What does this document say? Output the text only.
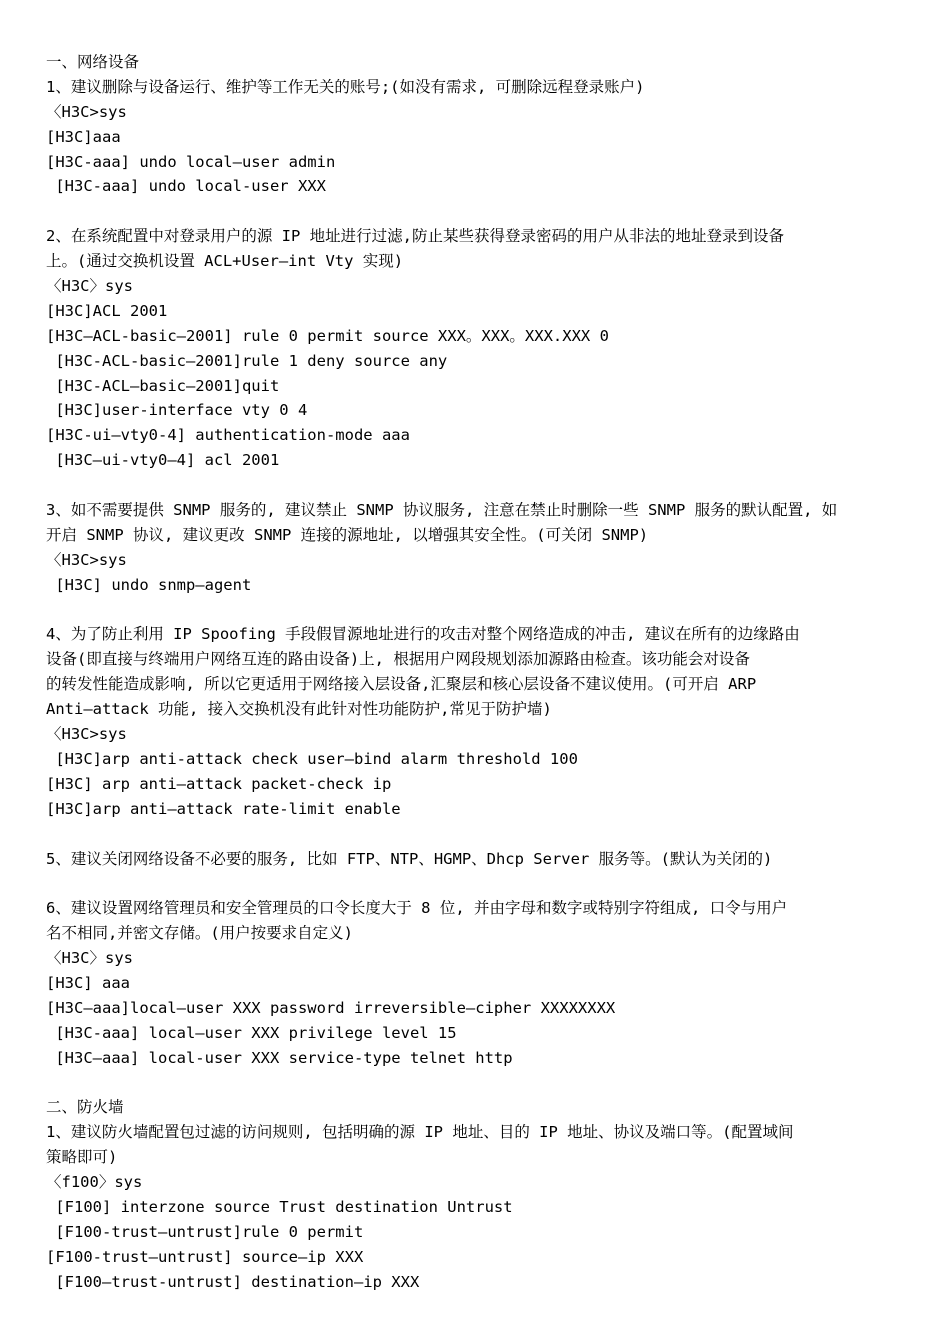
一、网络设备
1、建议删除与设备运行、维护等工作无关的账号;(如没有需求, 可删除远程登录账户)
〈H3C>sys
[H3C]aaa
[H3C-aaa] undo local—user admin
[H3C-aaa] undo local-user XXX
2、在系统配置中对登录用户的源 IP 地址进行过滤,防止某些获得登录密码的用户从非法的地址登录到设备
上。(通过交换机设置 ACL+User—int Vty 实现)
〈H3C〉sys
[H3C]ACL 2001
[H3C—ACL-basic—2001] rule 0 permit source XXX。XXX。XXX.XXX 0
[H3C-ACL-basic—2001]rule 1 deny source any
[H3C-ACL—basic—2001]quit
[H3C]user-interface vty 0 4
[H3C-ui—vty0-4] authentication-mode aaa
[H3C—ui-vty0—4] acl 2001
3、如不需要提供 SNMP 服务的, 建议禁止 SNMP 协议服务, 注意在禁止时删除一些 SNMP 服务的默认配置, 如
开启 SNMP 协议, 建议更改 SNMP 连接的源地址, 以增强其安全性。(可关闭 SNMP)
〈H3C>sys
[H3C] undo snmp—agent
4、为了防止利用 IP Spoofing 手段假冒源地址进行的攻击对整个网络造成的冲击, 建议在所有的边缘路由
设备(即直接与终端用户网络互连的路由设备)上, 根据用户网段规划添加源路由检查。该功能会对设备
的转发性能造成影响, 所以它更适用于网络接入层设备,汇聚层和核心层设备不建议使用。(可开启 ARP
Anti—attack 功能, 接入交换机没有此针对性功能防护,常见于防护墙)
〈H3C>sys
[H3C]arp anti-attack check user—bind alarm threshold 100
[H3C] arp anti—attack packet-check ip
[H3C]arp anti—attack rate-limit enable
5、建议关闭网络设备不必要的服务, 比如 FTP、NTP、HGMP、Dhcp Server 服务等。(默认为关闭的)
6、建议设置网络管理员和安全管理员的口令长度大于 8 位, 并由字母和数字或特别字符组成, 口令与用户
名不相同,并密文存储。(用户按要求自定义)
〈H3C〉sys
[H3C] aaa
[H3C—aaa]local—user XXX password irreversible—cipher XXXXXXXX
[H3C-aaa] local—user XXX privilege level 15
[H3C—aaa] local-user XXX service-type telnet http
二、防火墙
1、建议防火墙配置包过滤的访问规则, 包括明确的源 IP 地址、目的 IP 地址、协议及端口等。(配置域间
策略即可)
〈f100〉sys
[F100] interzone source Trust destination Untrust
[F100-trust—untrust]rule 0 permit
[F100-trust—untrust] source—ip XXX
[F100—trust-untrust] destination—ip XXX
